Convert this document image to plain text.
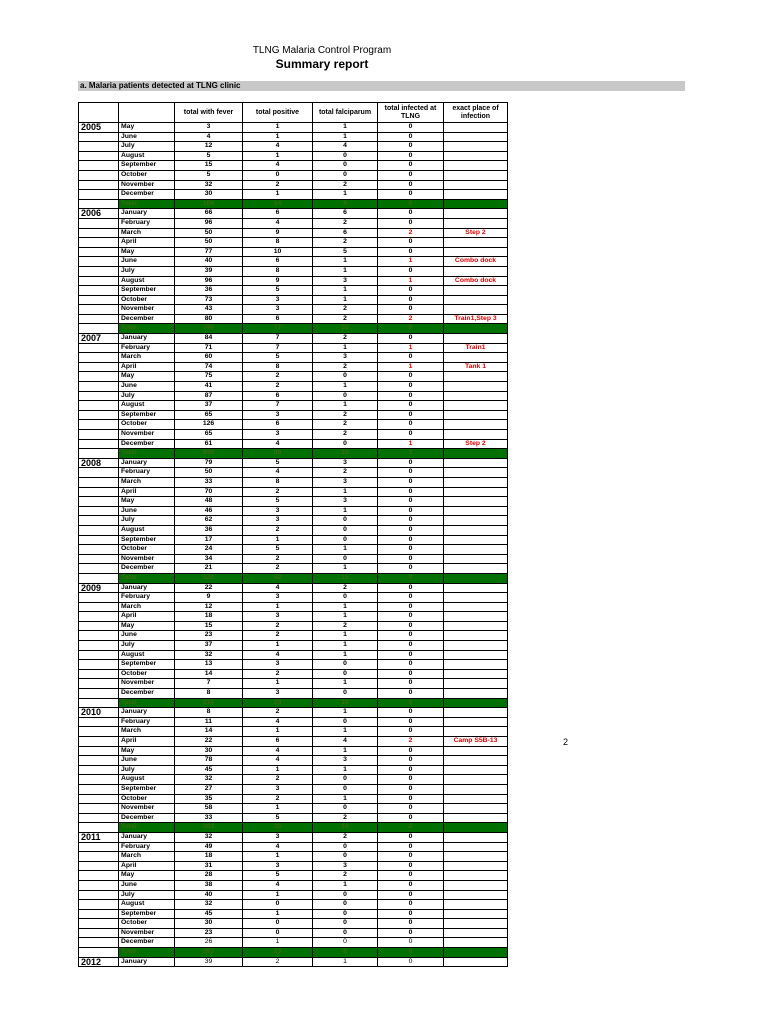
TLNG Malaria Control Program
Summary report
a. Malaria patients detected at TLNG clinic
		total with fever	total positive	total falciparum	total infected at TLNG	exact place of infection
2005	May	3	1	1	0	
	June	4	1	1	0	
	July	12	4	4	0	
	August	5	1	0	0	
	September	15	4	0	0	
	October	5	0	0	0	
	November	32	2	2	0	
	December	30	1	1	0	
	Total	106	14	9	0	
2006	January	66	6	6	0	
	February	96	4	2	0	
	March	50	9	6	2	Step 2
	April	50	8	2	0	
	May	77	10	5	0	
	June	40	6	1	1	Combo dock
	July	39	8	1	0	
	August	96	9	3	1	Combo dock
	September	36	5	1	0	
	October	73	3	1	0	
	November	43	3	2	0	
	December	80	6	2	2	Train1,Step 3
	Total	746	77	32	6	
2007	January	84	7	2	0	
	February	71	7	1	1	Train1
	March	60	5	3	0	
	April	74	8	2	1	Tank 1
	May	75	2	0	0	
	June	41	2	1	0	
	July	87	6	0	0	
	August	37	7	1	0	
	September	65	3	2	0	
	October	126	6	2	0	
	November	65	3	2	0	
	December	61	4	0	1	Step 2
	Total	846	60	16	3	
2008	January	79	5	3	0	
	February	50	4	2	0	
	March	33	8	3	0	
	April	70	2	1	0	
	May	48	5	3	0	
	June	46	3	1	0	
	July	62	3	0	0	
	August	36	2	0	0	
	September	17	1	0	0	
	October	24	5	1	0	
	November	34	2	0	0	
	December	21	2	1	0	
	Total	520	42	15	0	
2009	January	22	4	2	0	
	February	9	3	0	0	
	March	12	1	1	0	
	April	18	3	1	0	
	May	15	2	2	0	
	June	23	2	1	0	
	July	37	1	1	0	
	August	32	4	1	0	
	September	13	3	0	0	
	October	14	2	0	0	
	November	7	1	1	0	
	December	8	3	0	0	
	Total	210	29	10	0	
2010	January	8	2	1	0	
	February	11	4	0	0	
	March	14	1	1	0	
	April	22	6	4	2	Camp S5B-13
	May	30	4	1	0	
	June	78	4	3	0	
	July	45	1	1	0	
	August	32	2	0	0	
	September	27	3	0	0	
	October	35	2	1	0	
	November	58	1	0	0	
	December	33	5	2	0	
	Total	393	35	14	2	
2011	January	32	3	2	0	
	February	49	4	0	0	
	March	18	1	0	0	
	April	31	3	3	0	
	May	28	5	2	0	
	June	38	4	1	0	
	July	40	1	0	0	
	August	32	0	0	0	
	September	45	1	0	0	
	October	30	0	0	0	
	November	23	0	0	0	
	December	26	1	0	0	
	Total	392	23	8	0	
2012	January	39	2	1	0	
2
